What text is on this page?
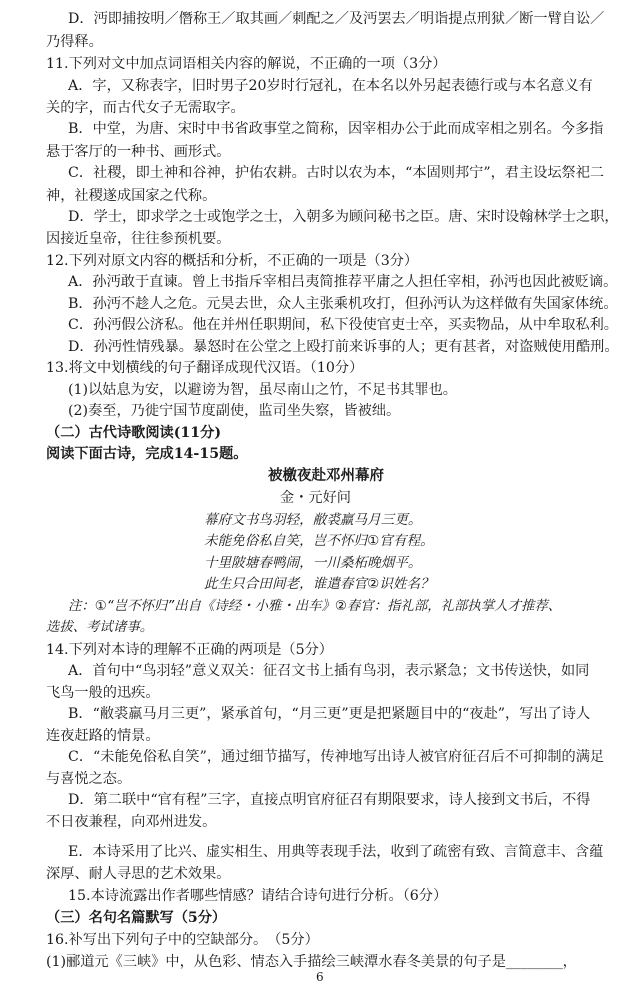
D．沔即捕按明／僭称王／取其画／刺配之／及沔罢去／明诣提点刑狱／断一臂自讼／
乃得释。
11.下列对文中加点词语相关内容的解说，不正确的一项（3分）
A．字，又称表字，旧时男子20岁时行冠礼，在本名以外另起表德行或与本名意义有
关的字，而古代女子无需取字。
B．中堂，为唐、宋时中书省政事堂之简称，因宰相办公于此而成宰相之别名。今多指
悬于客厅的一种书、画形式。
C．社稷，即土神和谷神，护佑农耕。古时以农为本，“本固则邦宁”，君主设坛祭祀二
神，社稷遂成国家之代称。
D．学士，即求学之士或饱学之士，入朝多为顾问秘书之臣。唐、宋时设翰林学士之职，
因接近皇帝，往往参预机要。
12.下列对原文内容的概括和分析，不正确的一项是（3分）
A．孙沔敢于直谏。曾上书指斥宰相吕夷简推荐平庸之人担任宰相，孙沔也因此被贬谪。
B．孙沔不趁人之危。元昊去世，众人主张乘机攻打，但孙沔认为这样做有失国家体统。
C．孙沔假公济私。他在并州任职期间，私下役使官吏士卒，买卖物品，从中牟取私利。
D．孙沔性情残暴。暴怒时在公堂之上殴打前来诉事的人；更有甚者，对盗贼使用酷刑。
13.将文中划横线的句子翻译成现代汉语。（10分）
(1)以姑息为安，以避谤为智，虽尽南山之竹，不足书其罪也。
(2)奏至，乃徙宁国节度副使，监司坐失察，皆被绌。
（二）古代诗歌阅读(11分)
阅读下面古诗，完成14-15题。
被檄夜赴邓州幕府
金・元好问
幕府文书鸟羽轻，敝裘羸马月三更。
未能免俗私自笑，岂不怀归①官有程。
十里陂塘春鸭闹，一川桑柘晚烟平。
此生只合田间老，谁遣春官②识姓名？
注：①“岂不怀归”出自《诗经・小雅・出车》②春官：指礼部，礼部执掌人才推荐、
选拔、考试诸事。
14.下列对本诗的理解不正确的两项是（5分）
A．首句中“鸟羽轻”意义双关：征召文书上插有鸟羽，表示紧急；文书传送快，如同
飞鸟一般的迅疾。
B．“敝裘羸马月三更”，紧承首句，“月三更”更是把紧题目中的“夜赴”，写出了诗人
连夜赶路的情景。
C．“未能免俗私自笑”，通过细节描写，传神地写出诗人被官府征召后不可抑制的满足
与喜悦之态。
D．第二联中“官有程”三字，直接点明官府征召有期限要求，诗人接到文书后，不得
不日夜兼程，向邓州进发。
E．本诗采用了比兴、虚实相生、用典等表现手法，收到了疏密有致、言简意丰、含蕴
深厚、耐人寻思的艺术效果。
15.本诗流露出作者哪些情感？请结合诗句进行分析。（6分）
（三）名句名篇默写（5分）
16.补写出下列句子中的空缺部分。　（5分）
(1)郦道元《三峡》中，从色彩、情态入手描绘三峡潭水春冬美景的句子是________，
6
